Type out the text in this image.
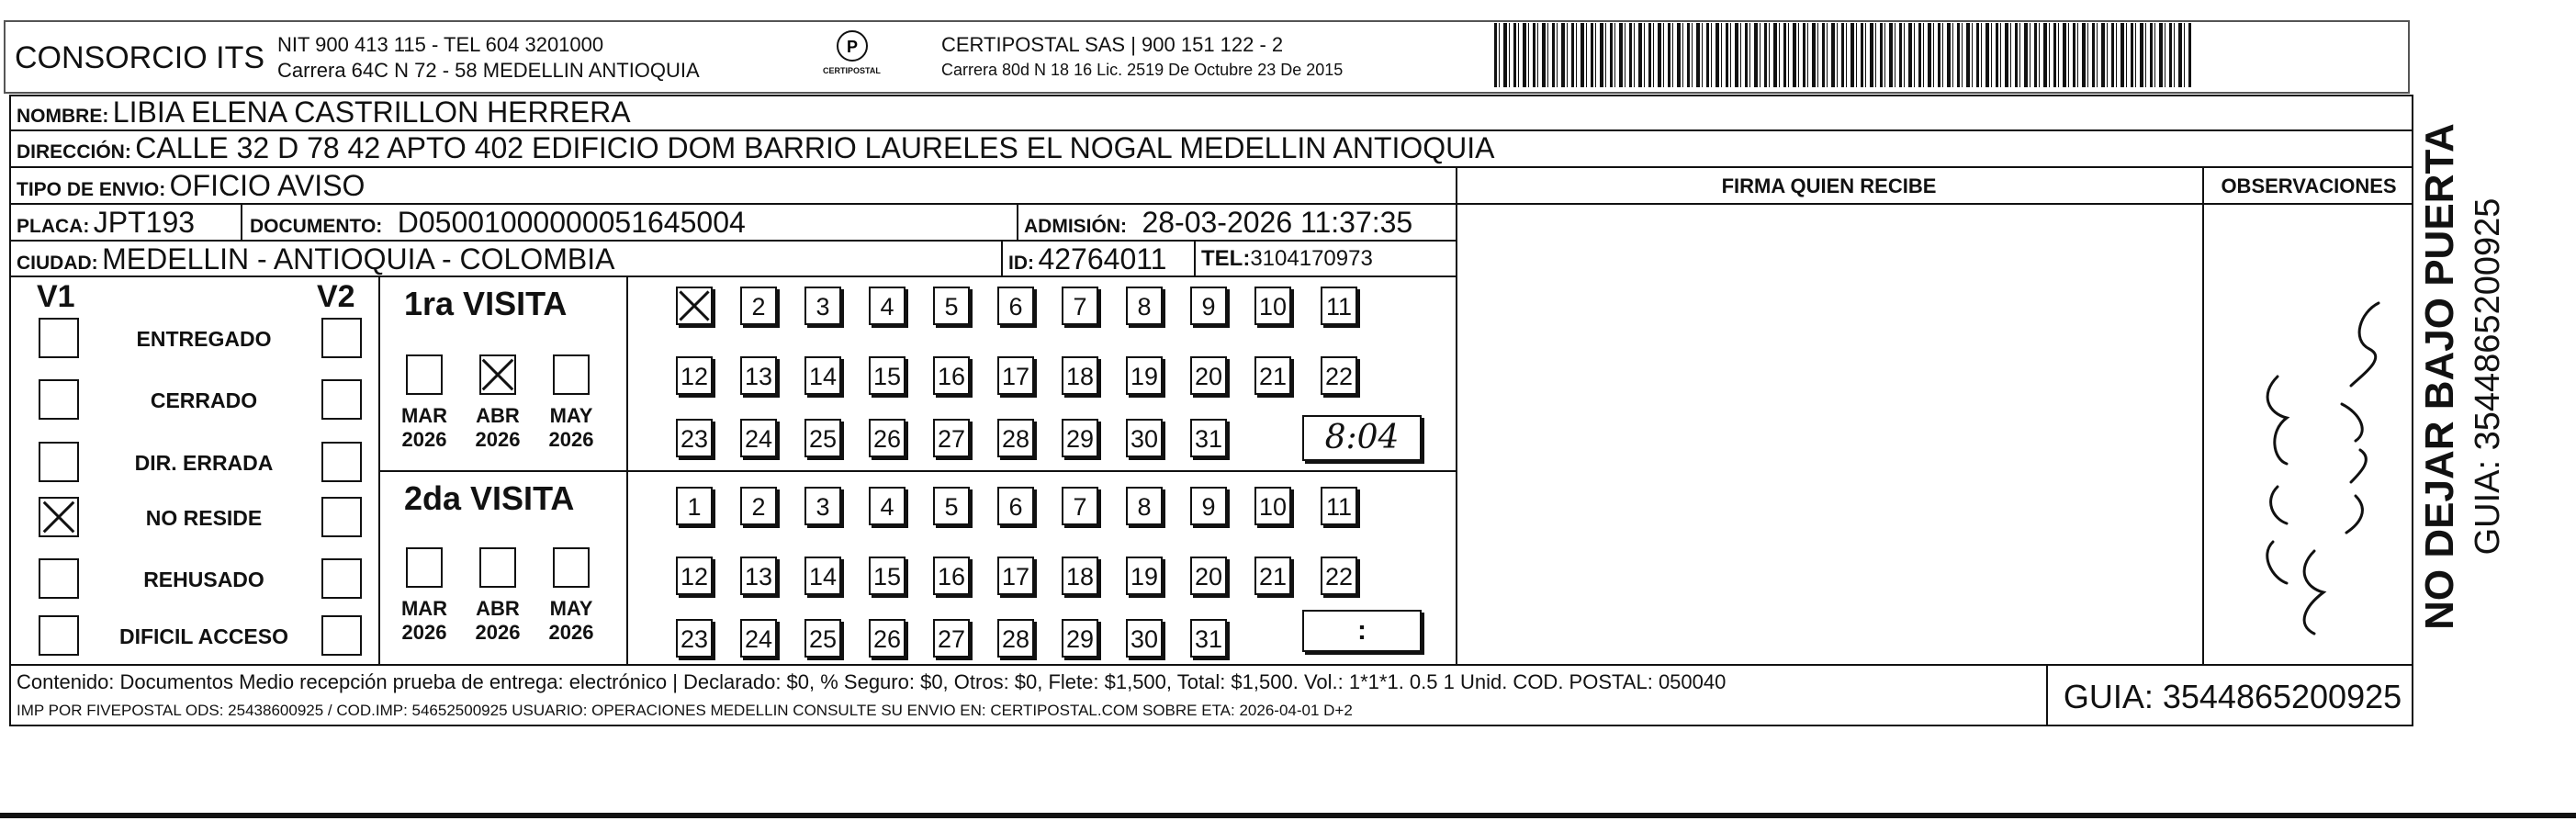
CONSORCIO ITS NIT 900 413 115 - TEL 604 3201000
Carrera 64C N 72 - 58 MEDELLIN ANTIOQUIA
P
CERTIPOSTAL
CERTIPOSTAL SAS | 900 151 122 - 2
Carrera 80d N 18 16 Lic. 2519 De Octubre 23 De 2015
NOMBRE: LIBIA ELENA CASTRILLON HERRERA
DIRECCIÓN: CALLE 32 D 78 42 APTO 402 EDIFICIO DOM BARRIO LAURELES EL NOGAL MEDELLIN ANTIOQUIA
TIPO DE ENVIO: OFICIO AVISO
PLACA: JPT193	DOCUMENTO: D05001000000051645004	ADMISIÓN: 28-03-2026 11:37:35
CIUDAD: MEDELLIN - ANTIOQUIA - COLOMBIA	ID: 42764011 TEL:3104170973
FIRMA QUIEN RECIBE	OBSERVACIONES
V1	V2
ENTREGADO
CERRADO
DIR. ERRADA
NO RESIDE
REHUSADO
DIFICIL ACCESO
1ra VISITA
2da VISITA
MAR
2026
ABR
2026
MAY
2026
MAR
2026
ABR
2026
MAY
2026
2	3	4	5	6	7	8	9	10 11
12 13 14 15 16 17 18 19 20 21 22
23 24 25 26 27 28 29 30 31
1	2	3	4	5	6	7	8	9	10 11
12 13 14 15 16 17 18 19 20 21 22
23 24 25 26 27 28 29 30 31
8:04
:
Contenido: Documentos Medio recepción prueba de entrega: electrónico | Declarado: $0, % Seguro: $0, Otros: $0, Flete: $1,500, Total: $1,500. Vol.: 1*1*1. 0.5 1 Unid. COD. POSTAL: 050040
IMP POR FIVEPOSTAL ODS: 25438600925 / COD.IMP: 54652500925 USUARIO: OPERACIONES MEDELLIN CONSULTE SU ENVIO EN: CERTIPOSTAL.COM SOBRE ETA: 2026-04-01 D+2	GUIA: 3544865200925
NO DEJAR BAJO PUERTA GUIA: 3544865200925
